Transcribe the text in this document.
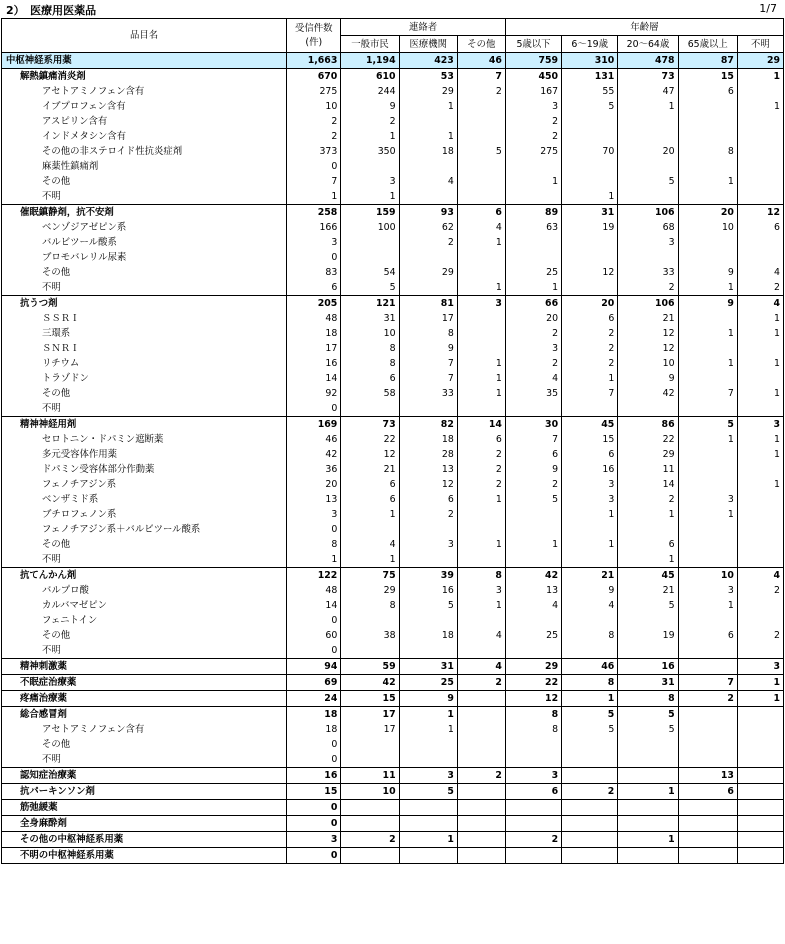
2）　医療用医薬品	1/7
品目名	受信件数
(件)	連絡者			年齢層				
		一般市民	医療機関	その他	5歳以下	6～19歳	20～64歳	65歳以上	不明
中枢神経系用薬	1,663	1,194	423	46	759	310	478	87	29
解熱鎮痛消炎剤	670	610	53	7	450	131	73	15	1
アセトアミノフェン含有	275	244	29	2	167	55	47	6	
イブプロフェン含有	10	9	1		3	5	1		1
アスピリン含有	2	2			2				
インドメタシン含有	2	1	1		2				
その他の非ステロイド性抗炎症剤	373	350	18	5	275	70	20	8	
麻薬性鎮痛剤	0								
その他	7	3	4		1		5	1	
不明	1	1				1			
催眠鎮静剤，抗不安剤	258	159	93	6	89	31	106	20	12
ベンゾジアゼピン系	166	100	62	4	63	19	68	10	6
バルビツール酸系	3		2	1			3		
ブロモバレリル尿素	0								
その他	83	54	29		25	12	33	9	4
不明	6	5		1	1		2	1	2
抗うつ剤	205	121	81	3	66	20	106	9	4
ＳＳＲＩ	48	31	17		20	6	21		1
三環系	18	10	8		2	2	12	1	1
ＳＮＲＩ	17	8	9		3	2	12		
リチウム	16	8	7	1	2	2	10	1	1
トラゾドン	14	6	7	1	4	1	9		
その他	92	58	33	1	35	7	42	7	1
不明	0								
精神神経用剤	169	73	82	14	30	45	86	5	3
セロトニン・ドパミン遮断薬	46	22	18	6	7	15	22	1	1
多元受容体作用薬	42	12	28	2	6	6	29		1
ドパミン受容体部分作動薬	36	21	13	2	9	16	11		
フェノチアジン系	20	6	12	2	2	3	14		1
ベンザミド系	13	6	6	1	5	3	2	3	
ブチロフェノン系	3	1	2			1	1	1	
フェノチアジン系＋バルビツール酸系	0								
その他	8	4	3	1	1	1	6		
不明	1	1					1		
抗てんかん剤	122	75	39	8	42	21	45	10	4
バルプロ酸	48	29	16	3	13	9	21	3	2
カルバマゼピン	14	8	5	1	4	4	5	1	
フェニトイン	0								
その他	60	38	18	4	25	8	19	6	2
不明	0								
精神刺激薬	94	59	31	4	29	46	16		3
不眠症治療薬	69	42	25	2	22	8	31	7	1
疼痛治療薬	24	15	9		12	1	8	2	1
総合感冒剤	18	17	1		8	5	5		
アセトアミノフェン含有	18	17	1		8	5	5		
その他	0								
不明	0								
認知症治療薬	16	11	3	2	3			13	
抗パーキンソン剤	15	10	5		6	2	1	6	
筋弛緩薬	0								
全身麻酔剤	0								
その他の中枢神経系用薬	3	2	1		2		1		
不明の中枢神経系用薬	0								
